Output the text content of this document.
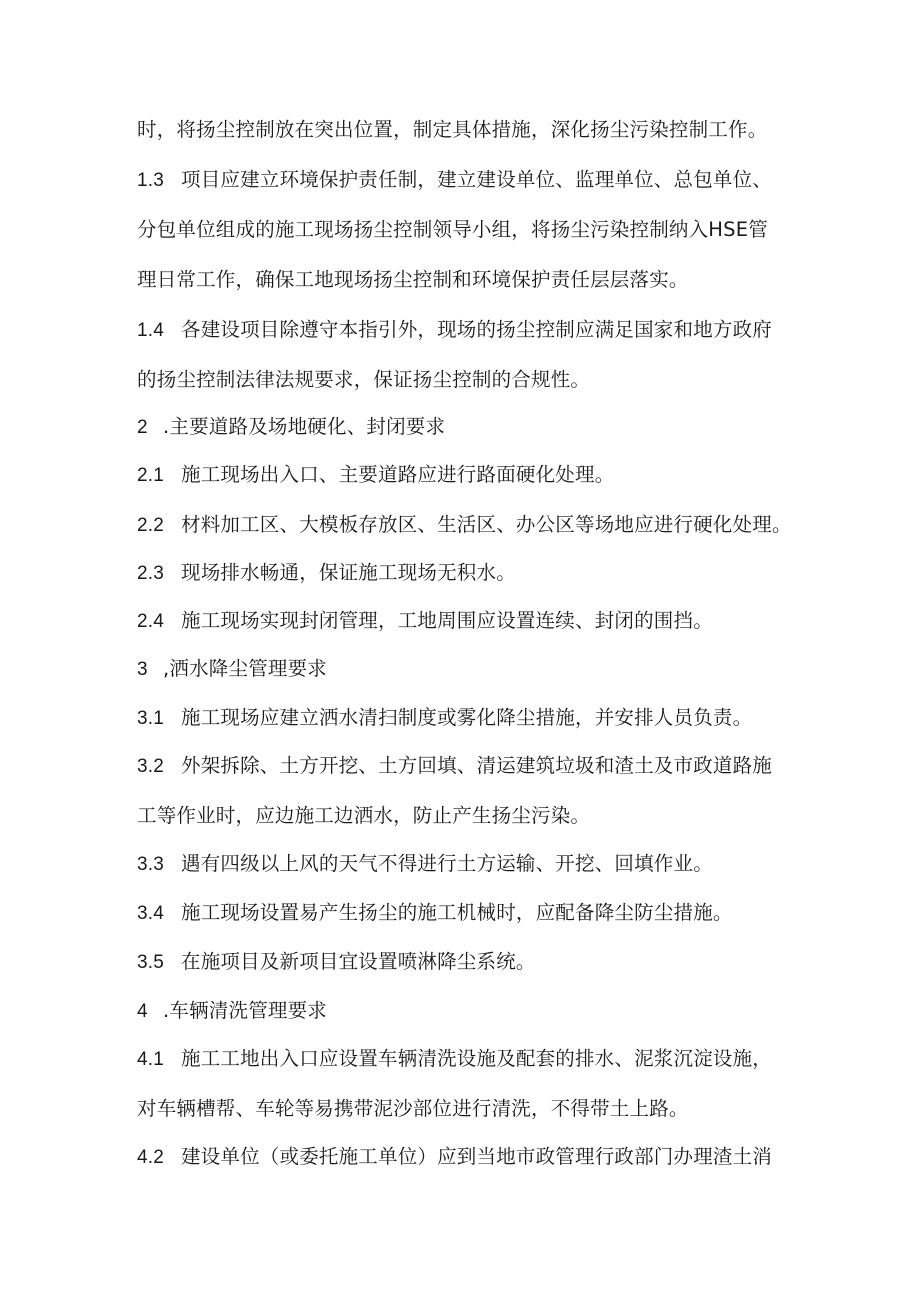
时，将扬尘控制放在突出位置，制定具体措施，深化扬尘污染控制工作。
1.3 项目应建立环境保护责任制，建立建设单位、监理单位、总包单位、
分包单位组成的施工现场扬尘控制领导小组，将扬尘污染控制纳入HSE管
理日常工作，确保工地现场扬尘控制和环境保护责任层层落实。
1.4 各建设项目除遵守本指引外，现场的扬尘控制应满足国家和地方政府
的扬尘控制法律法规要求，保证扬尘控制的合规性。
2 .主要道路及场地硬化、封闭要求
2.1 施工现场出入口、主要道路应进行路面硬化处理。
2.2 材料加工区、大模板存放区、生活区、办公区等场地应进行硬化处理。
2.3 现场排水畅通，保证施工现场无积水。
2.4 施工现场实现封闭管理，工地周围应设置连续、封闭的围挡。
3 ,洒水降尘管理要求
3.1 施工现场应建立洒水清扫制度或雾化降尘措施，并安排人员负责。
3.2 外架拆除、土方开挖、土方回填、清运建筑垃圾和渣土及市政道路施
工等作业时，应边施工边洒水，防止产生扬尘污染。
3.3 遇有四级以上风的天气不得进行土方运输、开挖、回填作业。
3.4 施工现场设置易产生扬尘的施工机械时，应配备降尘防尘措施。
3.5 在施项目及新项目宜设置喷淋降尘系统。
4 .车辆清洗管理要求
4.1 施工工地出入口应设置车辆清洗设施及配套的排水、泥浆沉淀设施，
对车辆槽帮、车轮等易携带泥沙部位进行清洗，不得带土上路。
4.2 建设单位（或委托施工单位）应到当地市政管理行政部门办理渣土消
